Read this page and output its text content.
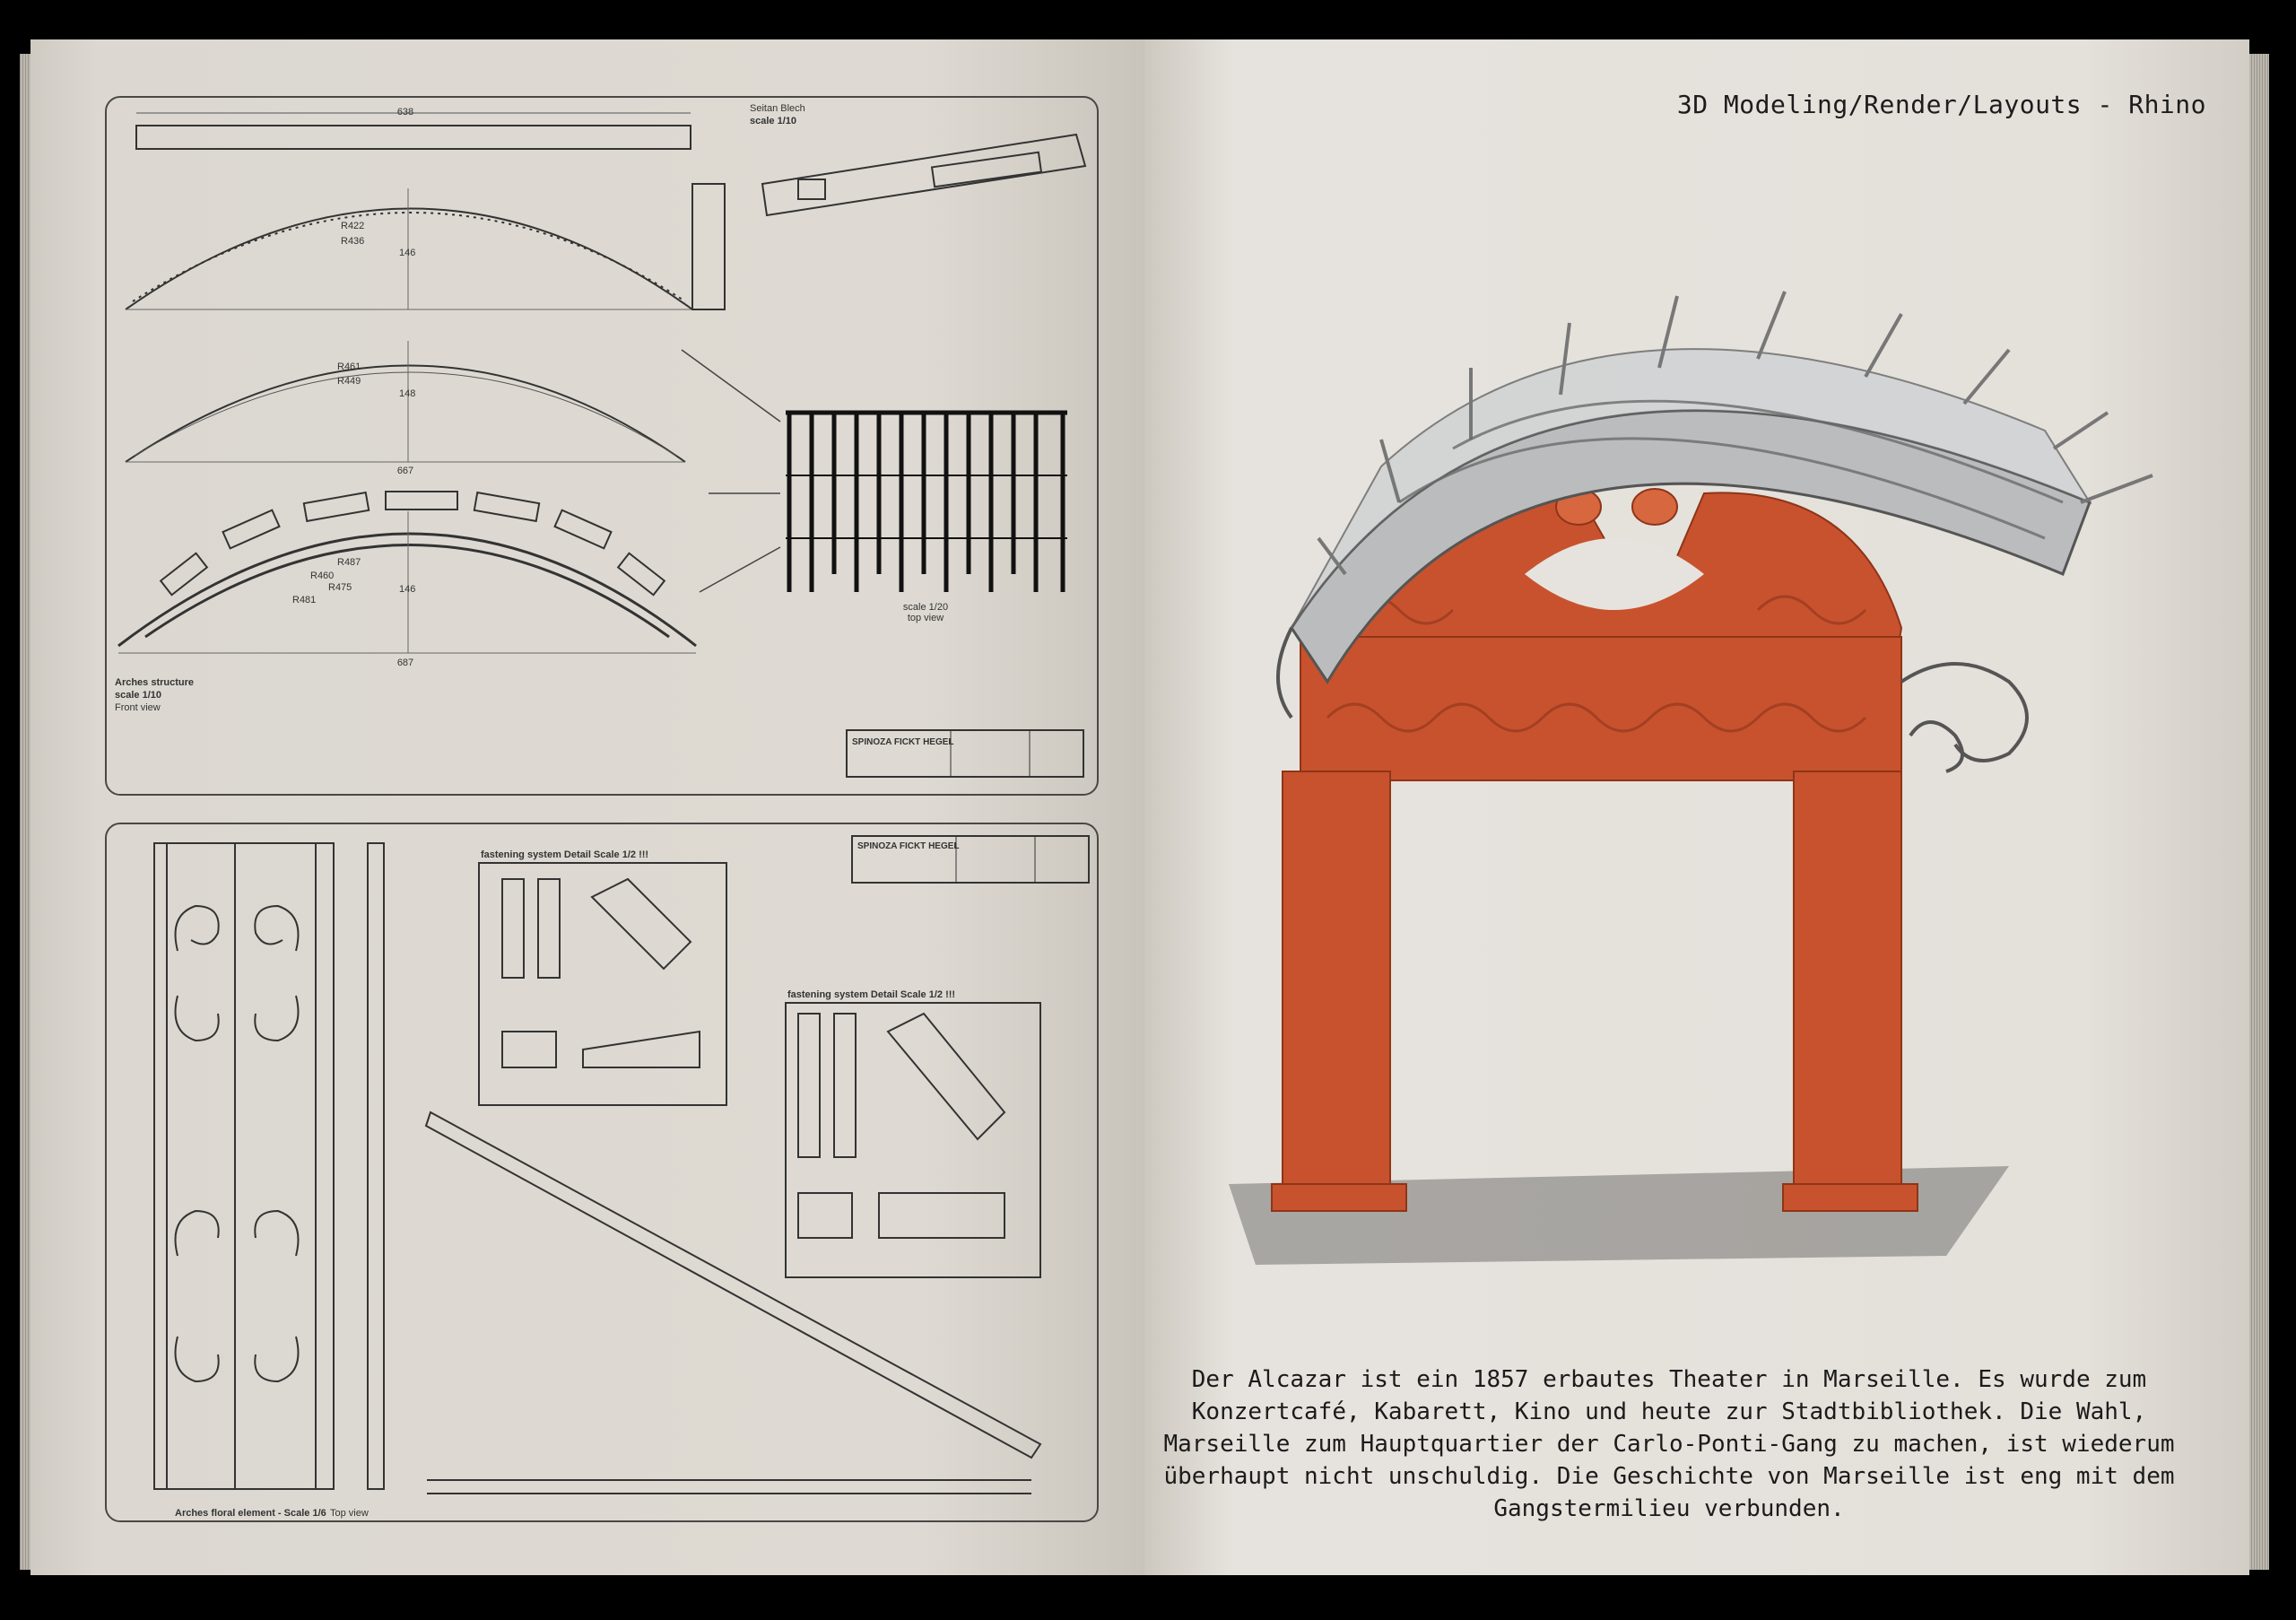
638
R422
R436
146
R461
R449
148
667
R487
R460
R475
R481
146
687
Arches structure
scale 1/10
Front view
Seitan Blech
scale 1/10
scale 1/20
top view
SPINOZA FICKT HEGEL
SPINOZA FICKT HEGEL
Arches floral element - Scale 1/6 Top view
fastening system Detail Scale 1/2 !!!
fastening system Detail Scale 1/2 !!!
3D Modeling/Render/Layouts - Rhino
Der Alcazar ist ein 1857 erbautes Theater in Marseille. Es wurde zum Konzertcafé, Kabarett, Kino und heute zur Stadtbibliothek. Die Wahl, Marseille zum Hauptquartier der Carlo-Ponti-Gang zu machen, ist wiederum überhaupt nicht unschuldig. Die Geschichte von Marseille ist eng mit dem Gangstermilieu verbunden.
